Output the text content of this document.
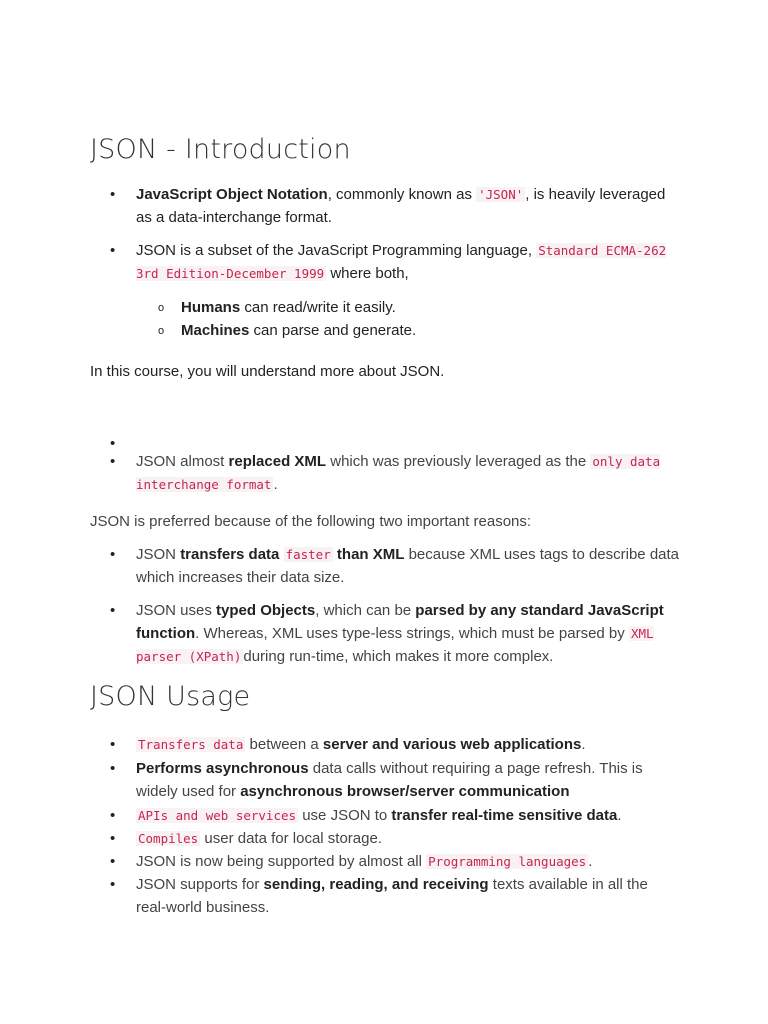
JSON - Introduction
• JavaScript Object Notation, commonly known as 'JSON' , is heavily leveraged as a data-interchange format.
• JSON is a subset of the JavaScript Programming language, Standard ECMA-262 3rd Edition-December 1999 where both,
o Humans can read/write it easily.
o Machines can parse and generate.
In this course, you will understand more about JSON.
•

• JSON almost replaced XML which was previously leveraged as the only data interchange format .
JSON is preferred because of the following two important reasons:
• JSON transfers data faster than XML because XML uses tags to describe data which increases their data size.
• JSON uses typed Objects, which can be parsed by any standard JavaScript function. Whereas, XML uses type-less strings, which must be parsed by XML parser (XPath) during run-time, which makes it more complex.
JSON Usage
• Transfers data between a server and various web applications.
• Performs asynchronous data calls without requiring a page refresh. This is widely used for asynchronous browser/server communication
• APIs and web services use JSON to transfer real-time sensitive data.
• Compiles user data for local storage.
• JSON is now being supported by almost all Programming languages .
• JSON supports for sending, reading, and receiving texts available in all the real-world business.
